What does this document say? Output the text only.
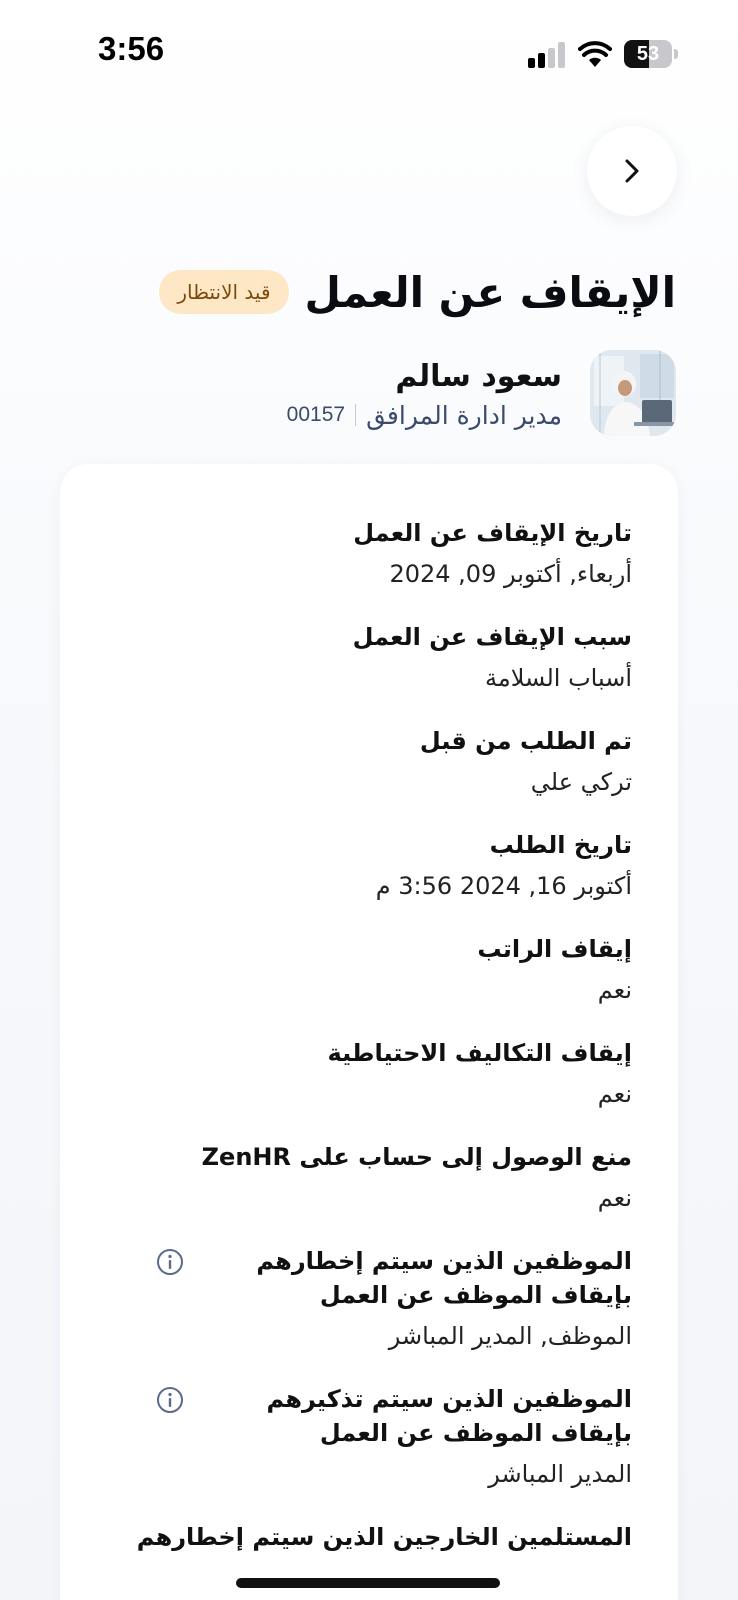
3:56	53
الإيقاف عن العمل
قيد الانتظار
سعود سالم
مدير ادارة المرافق
00157
تاريخ الإيقاف عن العمل
أربعاء, أكتوبر 09, 2024
سبب الإيقاف عن العمل
أسباب السلامة
تم الطلب من قبل
تركي علي
تاريخ الطلب
أكتوبر 16, 2024 3:56 م
إيقاف الراتب
نعم
إيقاف التكاليف الاحتياطية
نعم
منع الوصول إلى حساب على ZenHR
نعم
الموظفين الذين سيتم إخطارهم بإيقاف الموظف عن العمل
الموظف, المدير المباشر
الموظفين الذين سيتم تذكيرهم بإيقاف الموظف عن العمل
المدير المباشر
المستلمين الخارجين الذين سيتم إخطارهم
